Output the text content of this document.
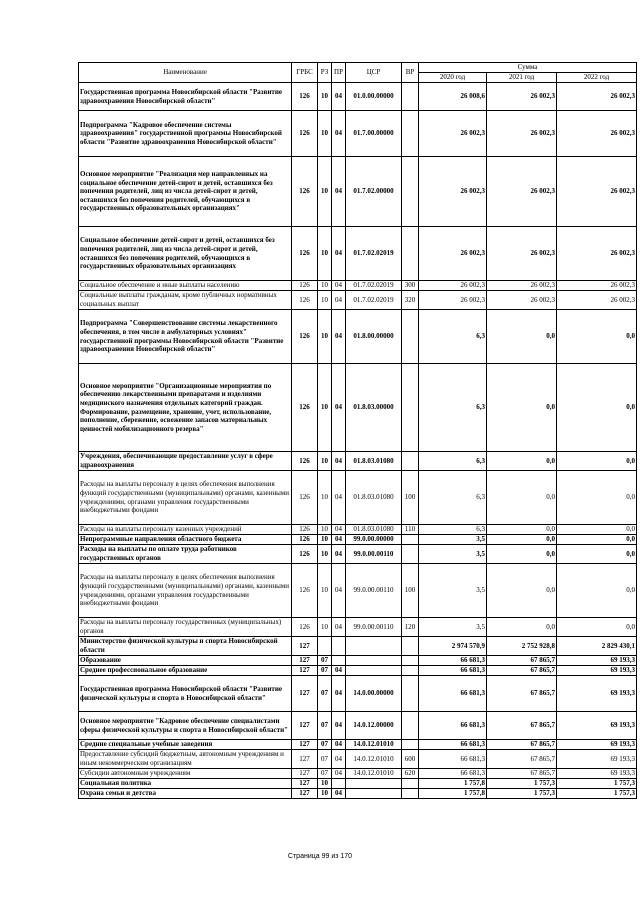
Наименование	ГРБС	РЗ	ПР	ЦСР	ВР	Сумма		
						2020 год	2021 год	2022 год
Государственная программа Новосибирской области "Развитие здравоохранения Новосибирской области"	126	10	04	01.0.00.00000		26 008,6	26 002,3	26 002,3
Подпрограмма "Кадровое обеспечение системы здравоохранения" государственной программы Новосибирской области "Развитие здравоохранения Новосибирской области"	126	10	04	01.7.00.00000		26 002,3	26 002,3	26 002,3
Основное мероприятие "Реализация мер направленных на социальное обеспечение детей-сирот и детей, оставшихся без попечения родителей, лиц из числа детей-сирот и детей, оставшихся без попечения родителей, обучающихся в государственных образовательных организациях"	126	10	04	01.7.02.00000		26 002,3	26 002,3	26 002,3
Социальное обеспечение детей-сирот и детей, оставшихся без попечения родителей, лиц из числа детей-сирот и детей, оставшихся без попечения родителей, обучающихся в государственных образовательных организациях	126	10	04	01.7.02.02019		26 002,3	26 002,3	26 002,3
Социальное обеспечение и иные выплаты населению	126	10	04	01.7.02.02019	300	26 002,3	26 002,3	26 002,3
Социальные выплаты гражданам, кроме публичных нормативных социальных выплат	126	10	04	01.7.02.02019	320	26 002,3	26 002,3	26 002,3
Подпрограмма "Совершенствование системы лекарственного обеспечения, в том числе в амбулаторных условиях" государственной программы Новосибирской области "Развитие здравоохранения Новосибирской области"	126	10	04	01.8.00.00000		6,3	0,0	0,0
Основное мероприятие "Организационные мероприятия по обеспечению лекарственными препаратами и изделиями медицинского назначения отдельных категорий граждан. Формирование, размещение, хранение, учет, использование, пополнение, сбережение, освежение запасов материальных ценностей мобилизационного резерва"	126	10	04	01.8.03.00000		6,3	0,0	0,0
Учреждения, обеспечивающие предоставление услуг в сфере здравоохранения	126	10	04	01.8.03.01080		6,3	0,0	0,0
Расходы на выплаты персоналу в целях обеспечения выполнения функций государственными (муниципальными) органами, казенными учреждениями, органами управления государственными внебюджетными фондами	126	10	04	01.8.03.01080	100	6,3	0,0	0,0
Расходы на выплаты персоналу казенных учреждений	126	10	04	01.8.03.01080	110	6,3	0,0	0,0
Непрограммные направления областного бюджета	126	10	04	99.0.00.00000		3,5	0,0	0,0
Расходы на выплаты по оплате труда работников государственных органов	126	10	04	99.0.00.00110		3,5	0,0	0,0
Расходы на выплаты персоналу в целях обеспечения выполнения функций государственными (муниципальными) органами, казенными учреждениями, органами управления государственными внебюджетными фондами	126	10	04	99.0.00.00110	100	3,5	0,0	0,0
Расходы на выплаты персоналу государственных (муниципальных) органов	126	10	04	99.0.00.00110	120	3,5	0,0	0,0
Министерство физической культуры и спорта Новосибирской области	127					2 974 570,9	2 752 928,8	2 829 430,1
Образование	127	07				66 681,3	67 865,7	69 193,3
Среднее профессиональное образование	127	07	04			66 681,3	67 865,7	69 193,3
Государственная программа Новосибирской области "Развитие физической культуры и спорта в Новосибирской области"	127	07	04	14.0.00.00000		66 681,3	67 865,7	69 193,3
Основное мероприятие "Кадровое обеспечение специалистами сферы физической культуры и спорта в Новосибирской области"	127	07	04	14.0.12.00000		66 681,3	67 865,7	69 193,3
Средние специальные учебные заведения	127	07	04	14.0.12.01010		66 681,3	67 865,7	69 193,3
Предоставление субсидий бюджетным, автономным учреждениям и иным некоммерческим организациям	127	07	04	14.0.12.01010	600	66 681,3	67 865,7	69 193,3
Субсидии автономным учреждениям	127	07	04	14.0.12.01010	620	66 681,3	67 865,7	69 193,3
Социальная политика	127	10				1 757,8	1 757,3	1 757,3
Охрана семьи и детства	127	10	04			1 757,8	1 757,3	1 757,3
Страница 99 из 170
